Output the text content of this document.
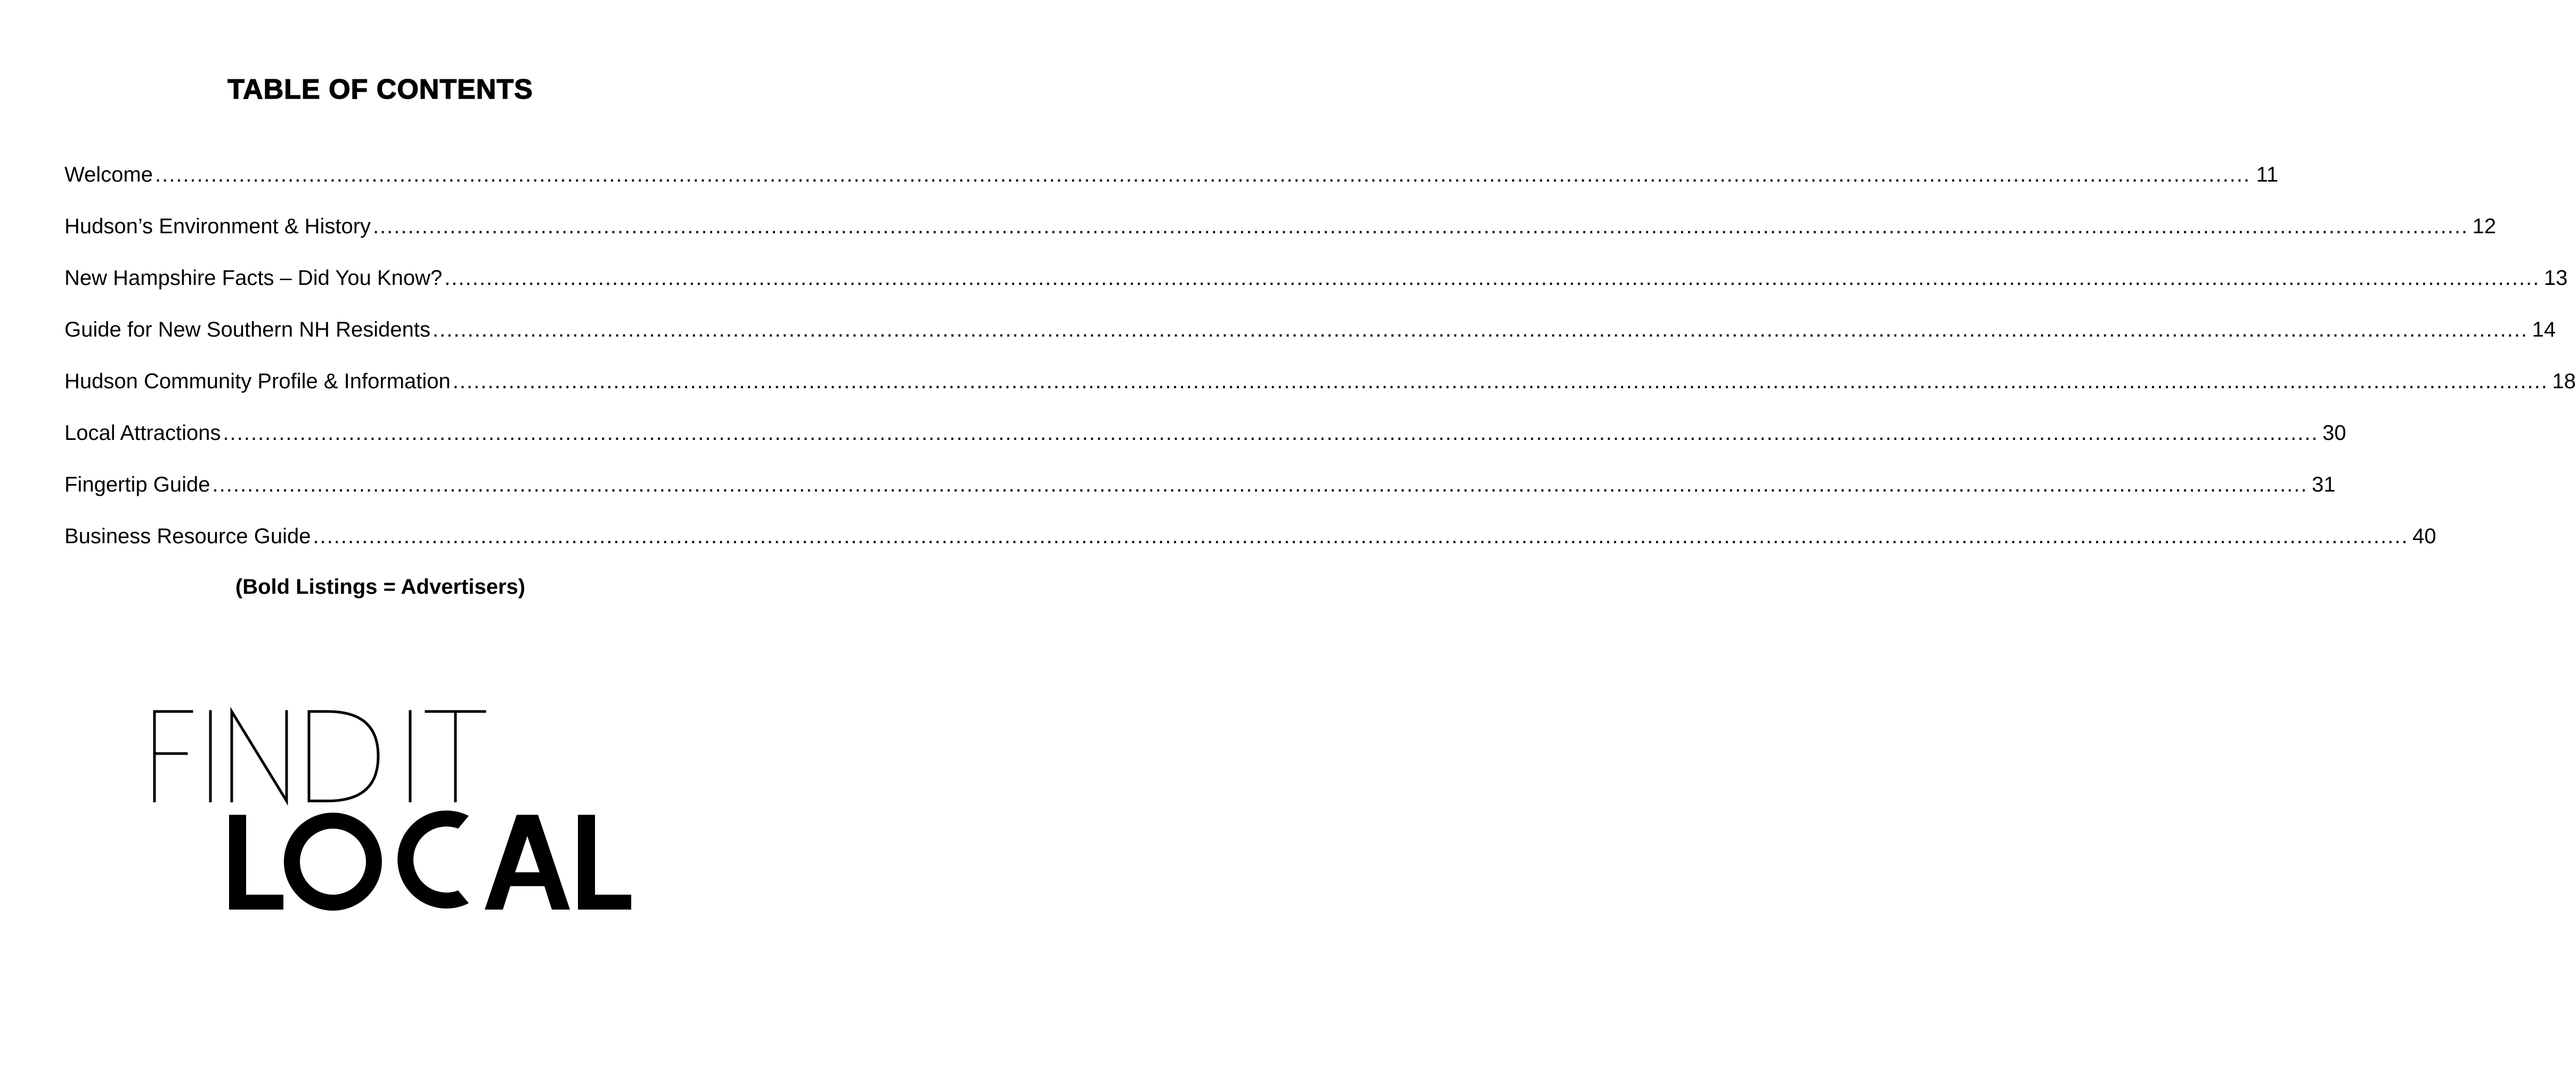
TABLE OF CONTENTS
Welcome ............................................................................................................................................................................................................................................................................................................ 11
Hudson’s Environment & History ............................................................................................................................................................................................................................................................................................................ 12
New Hampshire Facts – Did You Know? ............................................................................................................................................................................................................................................................................................................ 13
Guide for New Southern NH Residents ............................................................................................................................................................................................................................................................................................................ 14
Hudson Community Profile & Information ............................................................................................................................................................................................................................................................................................................ 18
Local Attractions ............................................................................................................................................................................................................................................................................................................ 30
Fingertip Guide ............................................................................................................................................................................................................................................................................................................ 31
Business Resource Guide ............................................................................................................................................................................................................................................................................................................ 40

(Bold Listings = Advertisers)
